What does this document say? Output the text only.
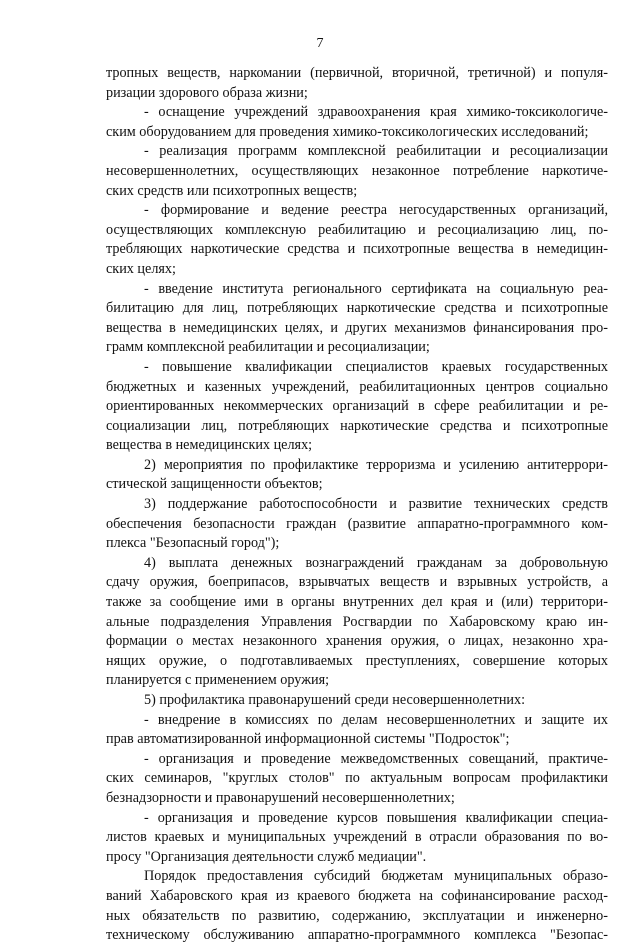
7
тропных веществ, наркомании (первичной, вторичной, третичной) и популя-
ризации здорового образа жизни;
- оснащение учреждений здравоохранения края химико-токсикологиче-
ским оборудованием для проведения химико-токсикологических исследований;
- реализация программ комплексной реабилитации и ресоциализации
несовершеннолетних, осуществляющих незаконное потребление наркотиче-
ских средств или психотропных веществ;
- формирование и ведение реестра негосударственных организаций,
осуществляющих комплексную реабилитацию и ресоциализацию лиц, по-
требляющих наркотические средства и психотропные вещества в немедицин-
ских целях;
- введение института регионального сертификата на социальную реа-
билитацию для лиц, потребляющих наркотические средства и психотропные
вещества в немедицинских целях, и других механизмов финансирования про-
грамм комплексной реабилитации и ресоциализации;
- повышение квалификации специалистов краевых государственных
бюджетных и казенных учреждений, реабилитационных центров социально
ориентированных некоммерческих организаций в сфере реабилитации и ре-
социализации лиц, потребляющих наркотические средства и психотропные
вещества в немедицинских целях;
2) мероприятия по профилактике терроризма и усилению антитеррори-
стической защищенности объектов;
3) поддержание работоспособности и развитие технических средств
обеспечения безопасности граждан (развитие аппаратно-программного ком-
плекса "Безопасный город");
4) выплата денежных вознаграждений гражданам за добровольную
сдачу оружия, боеприпасов, взрывчатых веществ и взрывных устройств, а
также за сообщение ими в органы внутренних дел края и (или) территори-
альные подразделения Управления Росгвардии по Хабаровскому краю ин-
формации о местах незаконного хранения оружия, о лицах, незаконно хра-
нящих оружие, о подготавливаемых преступлениях, совершение которых
планируется с применением оружия;
5) профилактика правонарушений среди несовершеннолетних:
- внедрение в комиссиях по делам несовершеннолетних и защите их
прав автоматизированной информационной системы "Подросток";
- организация и проведение межведомственных совещаний, практиче-
ских семинаров, "круглых столов" по актуальным вопросам профилактики
безнадзорности и правонарушений несовершеннолетних;
- организация и проведение курсов повышения квалификации специа-
листов краевых и муниципальных учреждений в отрасли образования по во-
просу "Организация деятельности служб медиации".
Порядок предоставления субсидий бюджетам муниципальных образо-
ваний Хабаровского края из краевого бюджета на софинансирование расход-
ных обязательств по развитию, содержанию, эксплуатации и инженерно-
техническому обслуживанию аппаратно-программного комплекса "Безопас-
